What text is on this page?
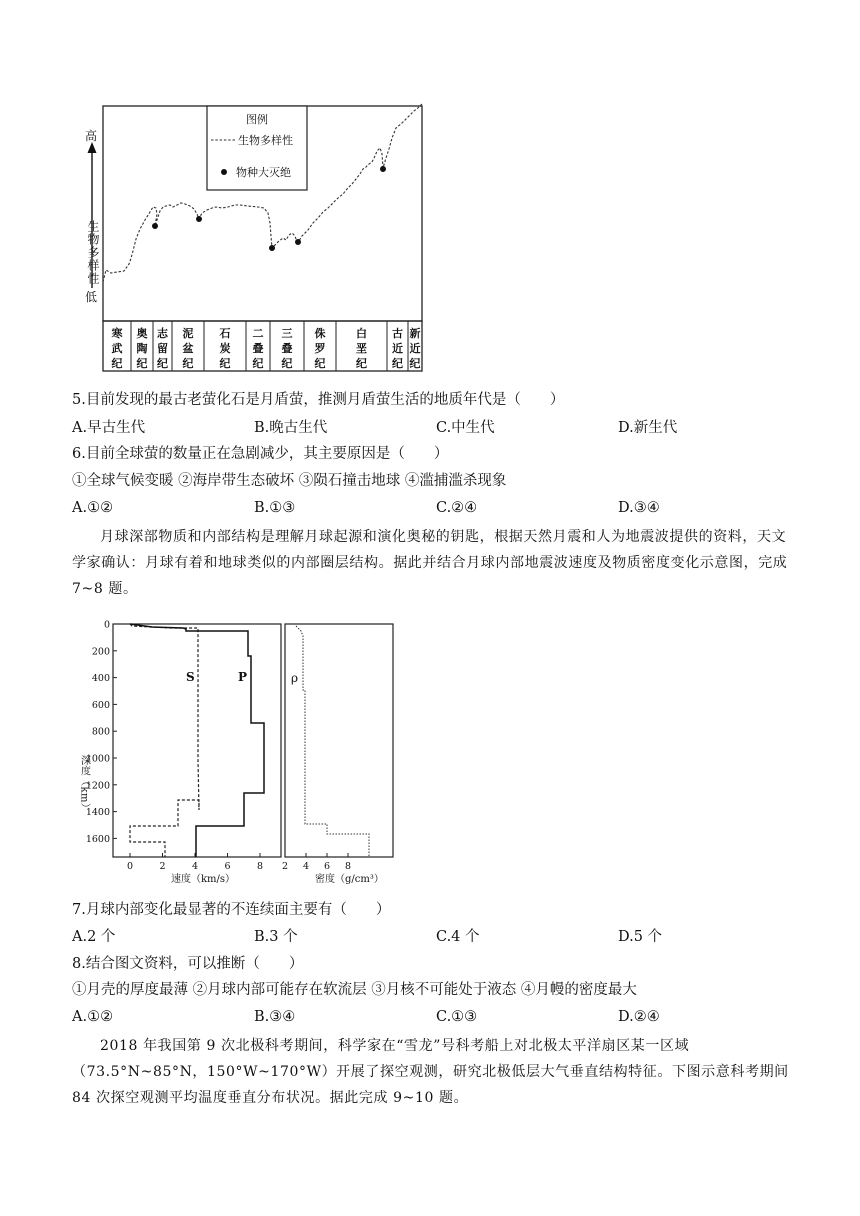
寒武纪
奥陶纪
志留纪
泥盆纪
石炭纪
二叠纪
三叠纪
侏罗纪
白垩纪
古近纪
新近纪
高
低
生物多样性
图例
生物多样性
物种大灭绝
5.目前发现的最古老萤化石是月盾萤，推测月盾萤生活的地质年代是（　　）
A.早古生代	B.晚古生代	C.中生代	D.新生代
6.目前全球萤的数量正在急剧减少，其主要原因是（　　）
①全球气候变暖 ②海岸带生态破坏 ③陨石撞击地球 ④滥捕滥杀现象
A.①②	B.①③	C.②④	D.③④
月球深部物质和内部结构是理解月球起源和演化奥秘的钥匙，根据天然月震和人为地震波提供的资料，天文学家确认：月球有着和地球类似的内部圈层结构。据此并结合月球内部地震波速度及物质密度变化示意图，完成 7~8 题。
0
200
400
600
800
1000
1200
1400
1600
0	2	4	6	8 2 4 6 8
深度（km）
速度（km/s）	密度（g/cm³）
S	P	ρ
7.月球内部变化最显著的不连续面主要有（　　）
A.2 个	B.3 个	C.4 个	D.5 个
8.结合图文资料，可以推断（　　）
①月壳的厚度最薄 ②月球内部可能存在软流层 ③月核不可能处于液态 ④月幔的密度最大
A.①②	B.③④	C.①③	D.②④
2018 年我国第 9 次北极科考期间，科学家在“雪龙”号科考船上对北极太平洋扇区某一区域（73.5°N~85°N，150°W~170°W）开展了探空观测，研究北极低层大气垂直结构特征。下图示意科考期间 84 次探空观测平均温度垂直分布状况。据此完成 9~10 题。
